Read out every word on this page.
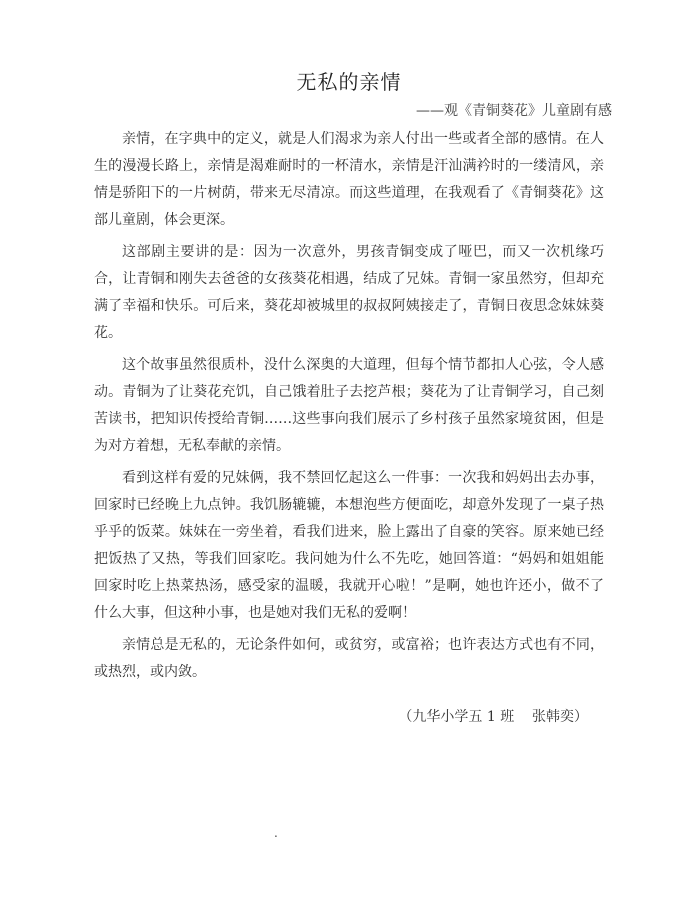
无私的亲情
——观《青铜葵花》儿童剧有感

亲情，在字典中的定义，就是人们渴求为亲人付出一些或者全部的感情。在人生的漫漫长路上，亲情是渴难耐时的一杯清水，亲情是汗汕满衿时的一缕清风，亲情是骄阳下的一片树荫，带来无尽清凉。而这些道理，在我观看了《青铜葵花》这部儿童剧，体会更深。

这部剧主要讲的是：因为一次意外，男孩青铜变成了哑巴，而又一次机缘巧合，让青铜和刚失去爸爸的女孩葵花相遇，结成了兄妹。青铜一家虽然穷，但却充满了幸福和快乐。可后来，葵花却被城里的叔叔阿姨接走了，青铜日夜思念妹妹葵花。

这个故事虽然很质朴，没什么深奥的大道理，但每个情节都扣人心弦，令人感动。青铜为了让葵花充饥，自己饿着肚子去挖芦根；葵花为了让青铜学习，自己刻苦读书，把知识传授给青铜……这些事向我们展示了乡村孩子虽然家境贫困，但是为对方着想，无私奉献的亲情。

看到这样有爱的兄妹俩，我不禁回忆起这么一件事：一次我和妈妈出去办事，回家时已经晚上九点钟。我饥肠辘辘，本想泡些方便面吃，却意外发现了一桌子热乎乎的饭菜。妹妹在一旁坐着，看我们进来，脸上露出了自豪的笑容。原来她已经把饭热了又热，等我们回家吃。我问她为什么不先吃，她回答道：“妈妈和姐姐能回家时吃上热菜热汤，感受家的温暖，我就开心啦！”是啊，她也许还小，做不了什么大事，但这种小事，也是她对我们无私的爱啊！

亲情总是无私的，无论条件如何，或贫穷，或富裕；也许表达方式也有不同，或热烈，或内敛。

（九华小学五 1 班    张韩奕）
.
